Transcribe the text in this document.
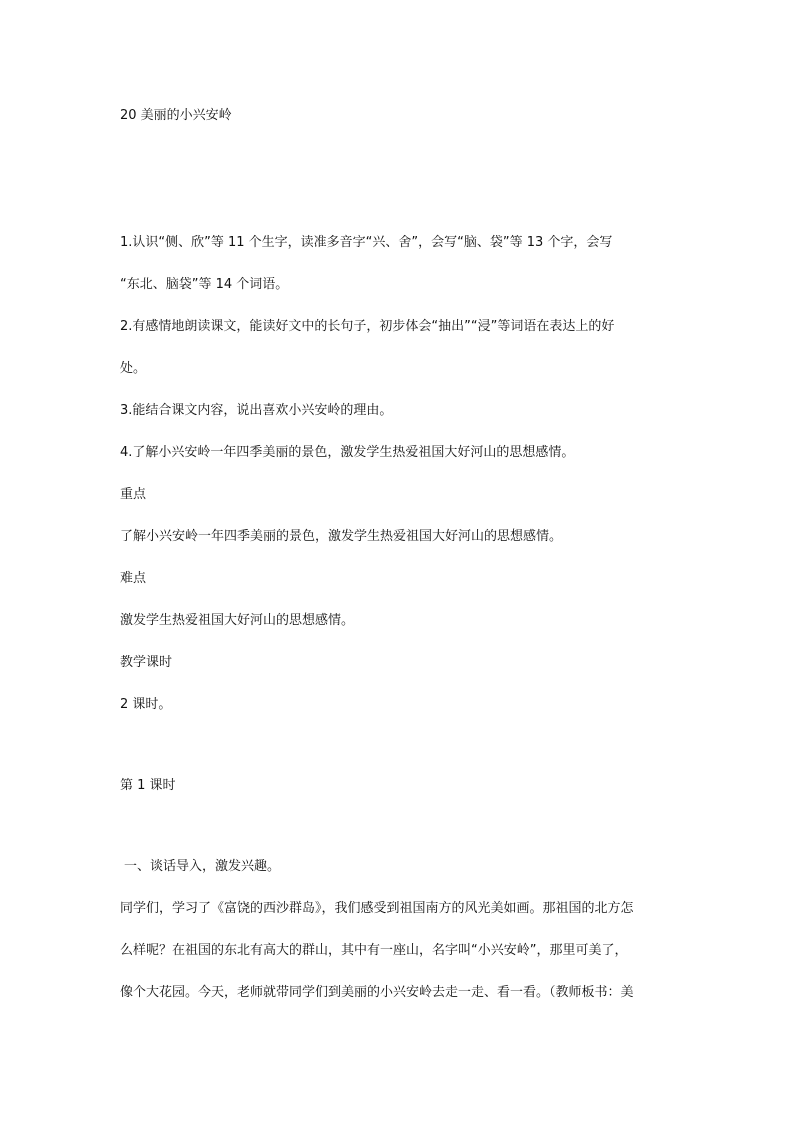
20 美丽的小兴安岭
1.认识“侧、欣”等 11 个生字，读准多音字“兴、舍”，会写“脑、袋”等 13 个字，会写
“东北、脑袋”等 14 个词语。
2.有感情地朗读课文，能读好文中的长句子，初步体会“抽出”“浸”等词语在表达上的好
处。
3.能结合课文内容，说出喜欢小兴安岭的理由。
4.了解小兴安岭一年四季美丽的景色，激发学生热爱祖国大好河山的思想感情。
重点
了解小兴安岭一年四季美丽的景色，激发学生热爱祖国大好河山的思想感情。
难点
激发学生热爱祖国大好河山的思想感情。
教学课时
2 课时。
第 1 课时
一、谈话导入，激发兴趣。
同学们，学习了《富饶的西沙群岛》，我们感受到祖国南方的风光美如画。那祖国的北方怎
么样呢？在祖国的东北有高大的群山，其中有一座山，名字叫“小兴安岭”，那里可美了，
像个大花园。今天，老师就带同学们到美丽的小兴安岭去走一走、看一看。（教师板书：美
